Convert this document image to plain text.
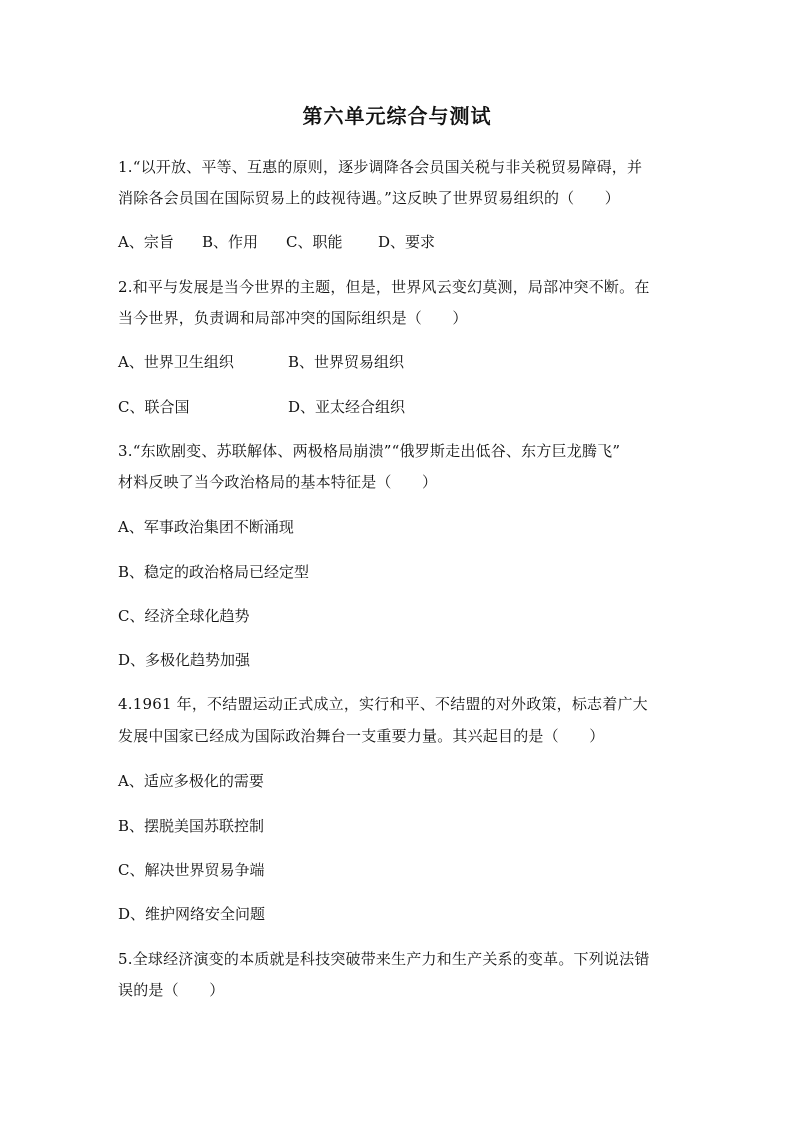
第六单元综合与测试
1.“以开放、平等、互惠的原则，逐步调降各会员国关税与非关税贸易障碍，并
消除各会员国在国际贸易上的歧视待遇。”这反映了世界贸易组织的（　　）
A、宗旨 B、作用 C、职能 D、要求
2.和平与发展是当今世界的主题，但是，世界风云变幻莫测，局部冲突不断。在
当今世界，负责调和局部冲突的国际组织是（　　）
A、世界卫生组织	B、世界贸易组织
C、联合国	D、亚太经合组织
3.“东欧剧变、苏联解体、两极格局崩溃”“俄罗斯走出低谷、东方巨龙腾飞”
材料反映了当今政治格局的基本特征是（　　）
A、军事政治集团不断涌现
B、稳定的政治格局已经定型
C、经济全球化趋势
D、多极化趋势加强
4.1961 年，不结盟运动正式成立，实行和平、不结盟的对外政策，标志着广大
发展中国家已经成为国际政治舞台一支重要力量。其兴起目的是（　　）
A、适应多极化的需要
B、摆脱美国苏联控制
C、解决世界贸易争端
D、维护网络安全问题
5.全球经济演变的本质就是科技突破带来生产力和生产关系的变革。下列说法错
误的是（　　）
